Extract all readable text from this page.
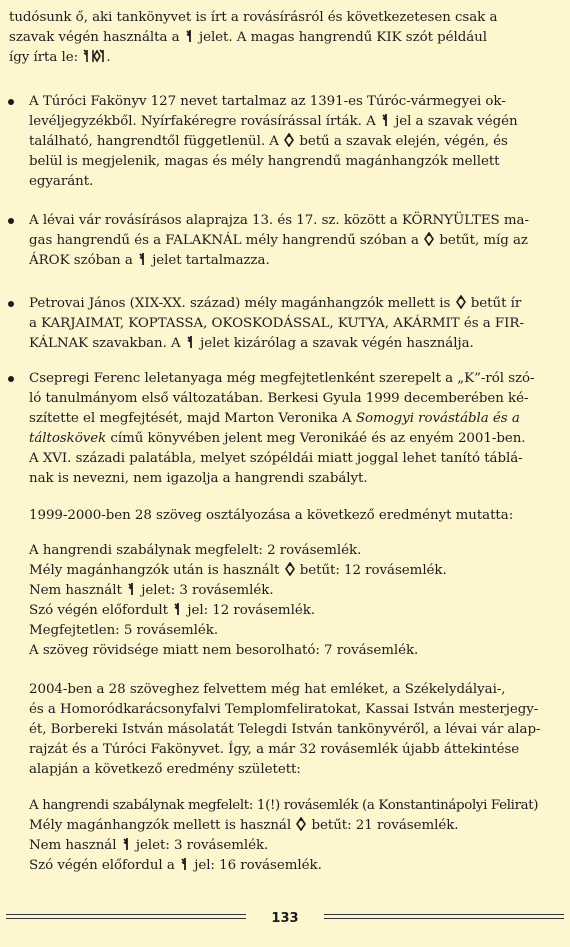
tudósunk ő, aki tankönyvet is írt a rovásírásról és következetesen csak a
szavak végén használta a jelet. A magas hangrendű KIK szót például
így írta le: .
A Túróci Fakönyv 127 nevet tartalmaz az 1391-es Túróc-vármegyei ok-
levéljegyzékből. Nyírfakéregre rovásírással írták. A jel a szavak végén
található, hangrendtől függetlenül. A betű a szavak elején, végén, és
belül is megjelenik, magas és mély hangrendű magánhangzók mellett
egyaránt.
A lévai vár rovásírásos alaprajza 13. és 17. sz. között a KÖRNYÜLTES ma-
gas hangrendű és a FALAKNÁL mély hangrendű szóban a betűt, míg az
ÁROK szóban a jelet tartalmazza.
Petrovai János (XIX-XX. század) mély magánhangzók mellett is betűt ír
a KARJAIMAT, KOPTASSA, OKOSKODÁSSAL, KUTYA, AKÁRMIT és a FIR-
KÁLNAK szavakban. A jelet kizárólag a szavak végén használja.
Csepregi Ferenc leletanyaga még megfejtetlenként szerepelt a „K”-ról szó-
ló tanulmányom első változatában. Berkesi Gyula 1999 decemberében ké-
szítette el megfejtését, majd Marton Veronika A Somogyi rovástábla és a
táltoskövek című könyvében jelent meg Veronikáé és az enyém 2001-ben.
A XVI. századi palatábla, melyet szópéldái miatt joggal lehet tanító táblá-
nak is nevezni, nem igazolja a hangrendi szabályt.
1999-2000-ben 28 szöveg osztályozása a következő eredményt mutatta:
A hangrendi szabálynak megfelelt: 2 rovásemlék.
Mély magánhangzók után is használt betűt: 12 rovásemlék.
Nem használt jelet: 3 rovásemlék.
Szó végén előfordult jel: 12 rovásemlék.
Megfejtetlen: 5 rovásemlék.
A szöveg rövidsége miatt nem besorolható: 7 rovásemlék.
2004-ben a 28 szöveghez felvettem még hat emléket, a Székelydályai-,
és a Homoródkarácsonyfalvi Templomfeliratokat, Kassai István mesterjegy-
ét, Borbereki István másolatát Telegdi István tankönyvéről, a lévai vár alap-
rajzát és a Túróci Fakönyvet. Így, a már 32 rovásemlék újabb áttekintése
alapján a következő eredmény született:
A hangrendi szabálynak megfelelt: 1(!) rovásemlék (a Konstantinápolyi Felirat)
Mély magánhangzók mellett is használ betűt: 21 rovásemlék.
Nem használ jelet: 3 rovásemlék.
Szó végén előfordul a jel: 16 rovásemlék.
133
